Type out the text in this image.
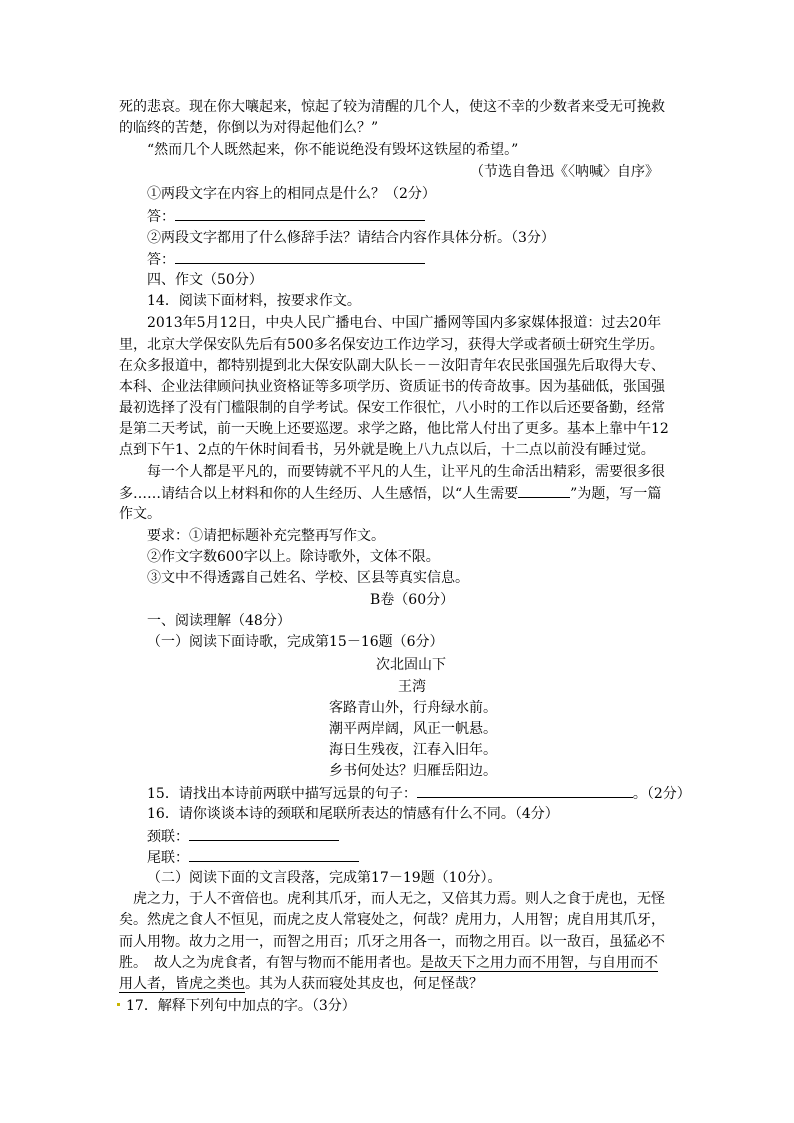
死的悲哀。现在你大嚷起来，惊起了较为清醒的几个人，使这不幸的少数者来受无可挽救
的临终的苦楚，你倒以为对得起他们么？”
“然而几个人既然起来，你不能说绝没有毁坏这铁屋的希望。”
（节选自鲁迅《〈呐喊〉自序》
①两段文字在内容上的相同点是什么？（2分）
答：
②两段文字都用了什么修辞手法？请结合内容作具体分析。（3分）
答：
四、作文（50分）
14．阅读下面材料，按要求作文。
2013年5月12日，中央人民广播电台、中国广播网等国内多家媒体报道：过去20年
里，北京大学保安队先后有500多名保安边工作边学习，获得大学或者硕士研究生学历。
在众多报道中，都特别提到北大保安队副大队长－－汝阳青年农民张国强先后取得大专、
本科、企业法律顾问执业资格证等多项学历、资质证书的传奇故事。因为基础低，张国强
最初选择了没有门槛限制的自学考试。保安工作很忙，八小时的工作以后还要备勤，经常
是第二天考试，前一天晚上还要巡逻。求学之路，他比常人付出了更多。基本上靠中午12
点到下午1、2点的午休时间看书，另外就是晚上八九点以后，十二点以前没有睡过觉。
每一个人都是平凡的，而要铸就不平凡的人生，让平凡的生命活出精彩，需要很多很
多……请结合以上材料和你的人生经历、人生感悟，以“人生需要	”为题，写一篇
作文。
要求：①请把标题补充完整再写作文。
②作文字数600字以上。除诗歌外，文体不限。
③文中不得透露自己姓名、学校、区县等真实信息。
B卷（60分）
一、阅读理解（48分）
（一）阅读下面诗歌，完成第15－16题（6分）
次北固山下
王湾
客路青山外，行舟绿水前。
潮平两岸阔，风正一帆悬。
海日生残夜，江春入旧年。
乡书何处达？归雁岳阳边。
15．请找出本诗前两联中描写远景的句子：	。（2分）
16．请你谈谈本诗的颈联和尾联所表达的情感有什么不同。（4分）
颈联：
尾联：
（二）阅读下面的文言段落，完成第17－19题（10分）。
虎之力，于人不啻倍也。虎利其爪牙，而人无之，又倍其力焉。则人之食于虎也，无怪
矣。然虎之食人不恒见，而虎之皮人常寝处之，何哉？虎用力，人用智；虎自用其爪牙，
而人用物。故力之用一，而智之用百；爪牙之用各一，而物之用百。以一敌百，虽猛必不
胜。　故人之为虎食者，有智与物而不能用者也。是故天下之用力而不用智，与自用而不
用人者，皆虎之类也。其为人获而寝处其皮也，何足怪哉？
17．解释下列句中加点的字。（3分）
